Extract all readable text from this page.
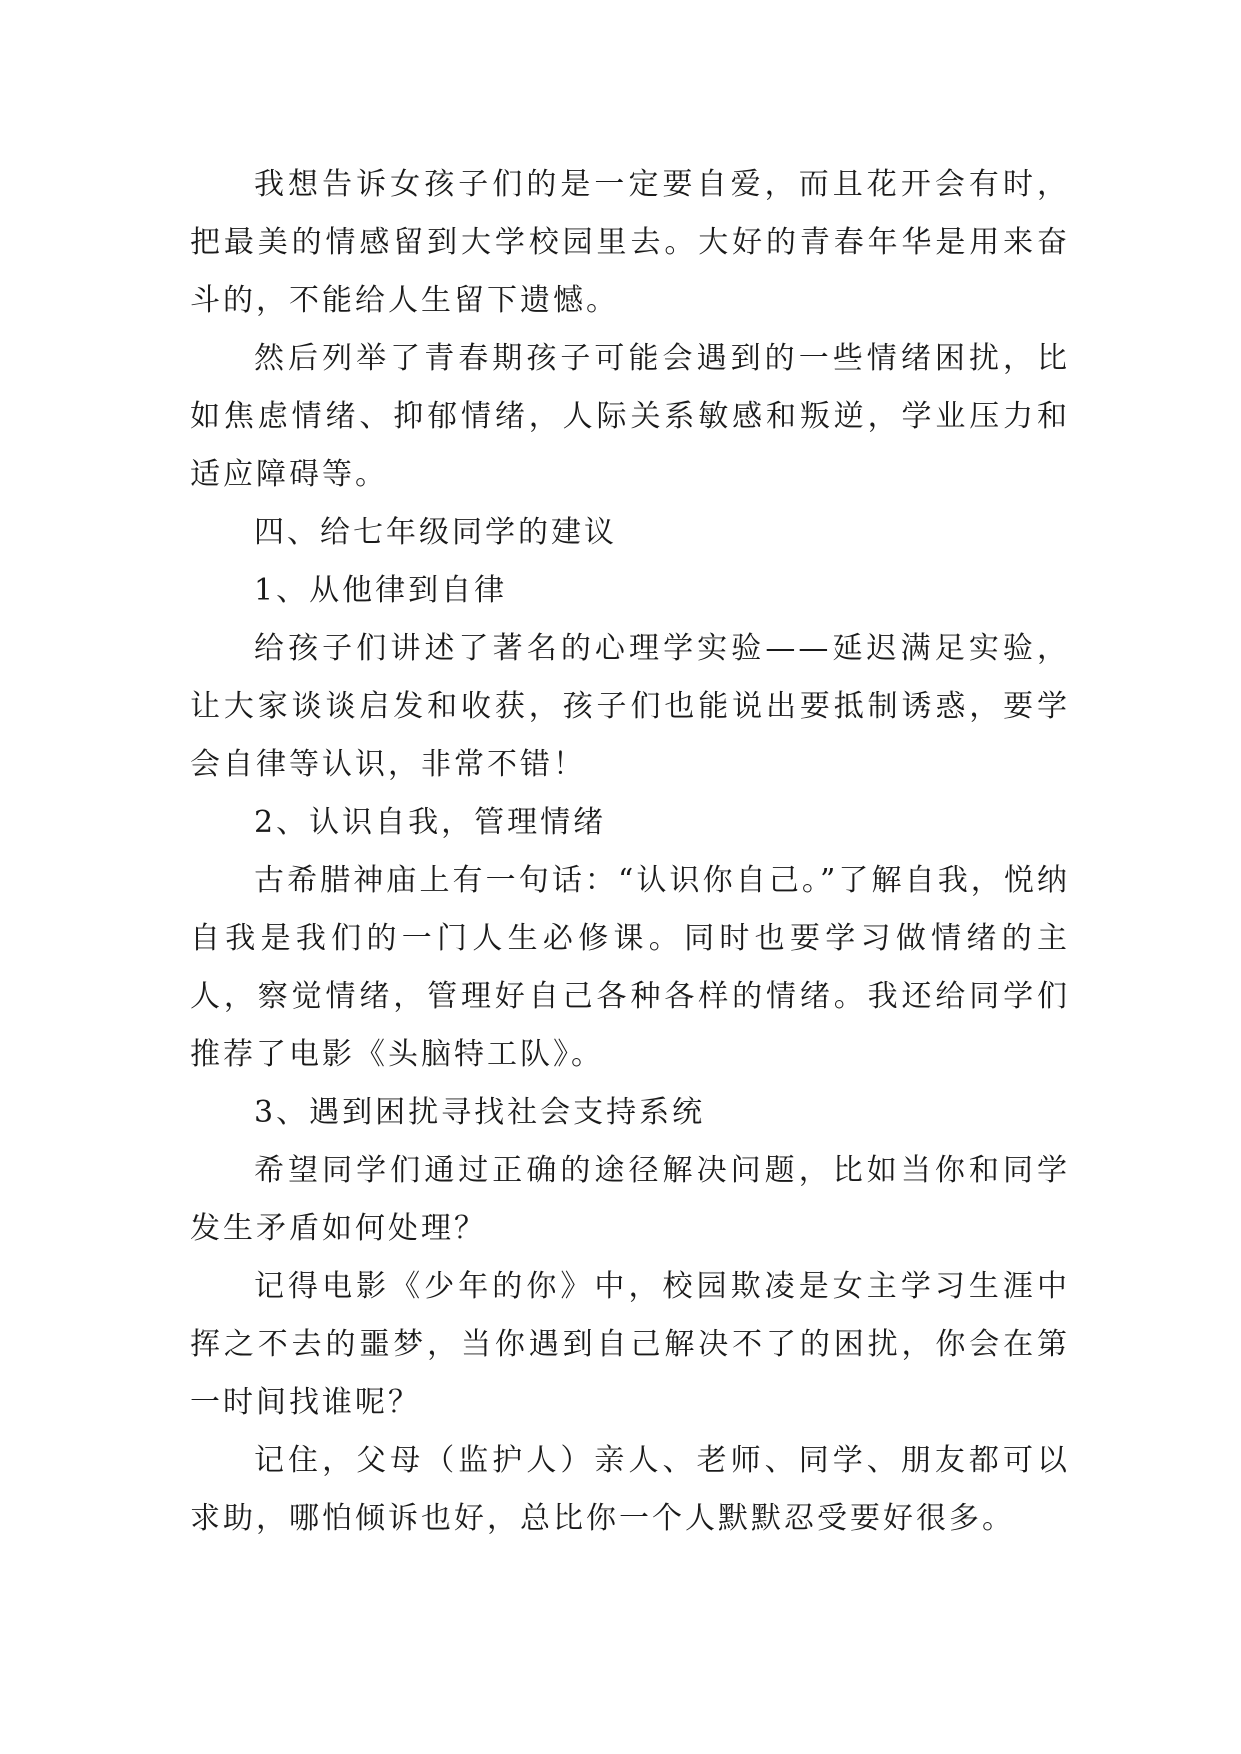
我想告诉女孩子们的是一定要自爱，而且花开会有时，把最美的情感留到大学校园里去。大好的青春年华是用来奋斗的，不能给人生留下遗憾。

然后列举了青春期孩子可能会遇到的一些情绪困扰，比如焦虑情绪、抑郁情绪，人际关系敏感和叛逆，学业压力和适应障碍等。

四、给七年级同学的建议

1、从他律到自律

给孩子们讲述了著名的心理学实验——延迟满足实验，让大家谈谈启发和收获，孩子们也能说出要抵制诱惑，要学会自律等认识，非常不错！

2、认识自我，管理情绪

古希腊神庙上有一句话：“认识你自己。”了解自我，悦纳自我是我们的一门人生必修课。同时也要学习做情绪的主人，察觉情绪，管理好自己各种各样的情绪。我还给同学们推荐了电影《头脑特工队》。

3、遇到困扰寻找社会支持系统

希望同学们通过正确的途径解决问题，比如当你和同学发生矛盾如何处理？

记得电影《少年的你》中，校园欺凌是女主学习生涯中挥之不去的噩梦，当你遇到自己解决不了的困扰，你会在第一时间找谁呢？

记住，父母（监护人）亲人、老师、同学、朋友都可以求助，哪怕倾诉也好，总比你一个人默默忍受要好很多。
